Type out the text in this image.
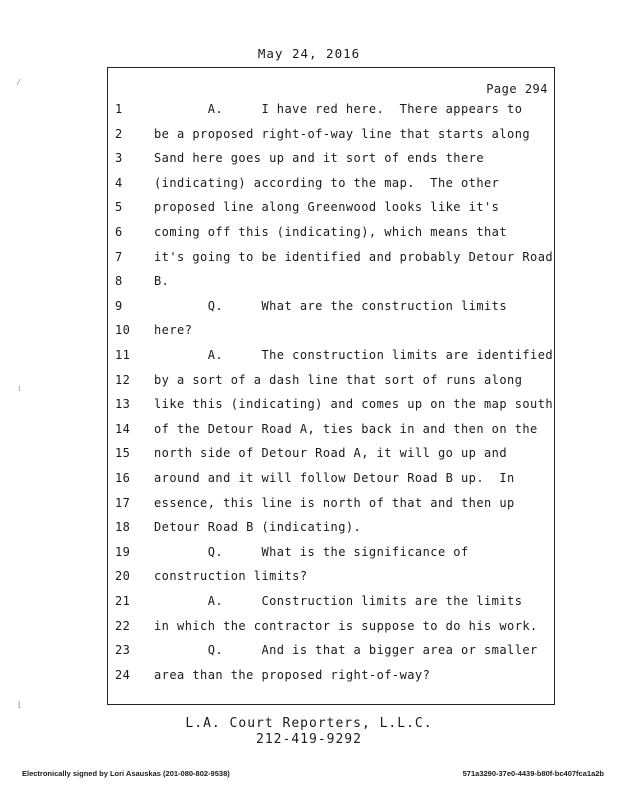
May 24, 2016
Page 294
1	A.     I have red here.  There appears to
2	be a proposed right-of-way line that starts along
3	Sand here goes up and it sort of ends there
4	(indicating) according to the map.  The other
5	proposed line along Greenwood looks like it's
6	coming off this (indicating), which means that
7	it's going to be identified and probably Detour Road
8	B.
9	Q.     What are the construction limits
10	here?
11	A.     The construction limits are identified
12	by a sort of a dash line that sort of runs along
13	like this (indicating) and comes up on the map south
14	of the Detour Road A, ties back in and then on the
15	north side of Detour Road A, it will go up and
16	around and it will follow Detour Road B up.  In
17	essence, this line is north of that and then up
18	Detour Road B (indicating).
19	Q.     What is the significance of
20	construction limits?
21	A.     Construction limits are the limits
22	in which the contractor is suppose to do his work.
23	Q.     And is that a bigger area or smaller
24	area than the proposed right-of-way?
L.A. Court Reporters, L.L.C.
212-419-9292
Electronically signed by Lori Asauskas (201-080-802-9538)	571a3290-37e0-4439-b80f-bc407fca1a2b
⁄
⁞
⌊
